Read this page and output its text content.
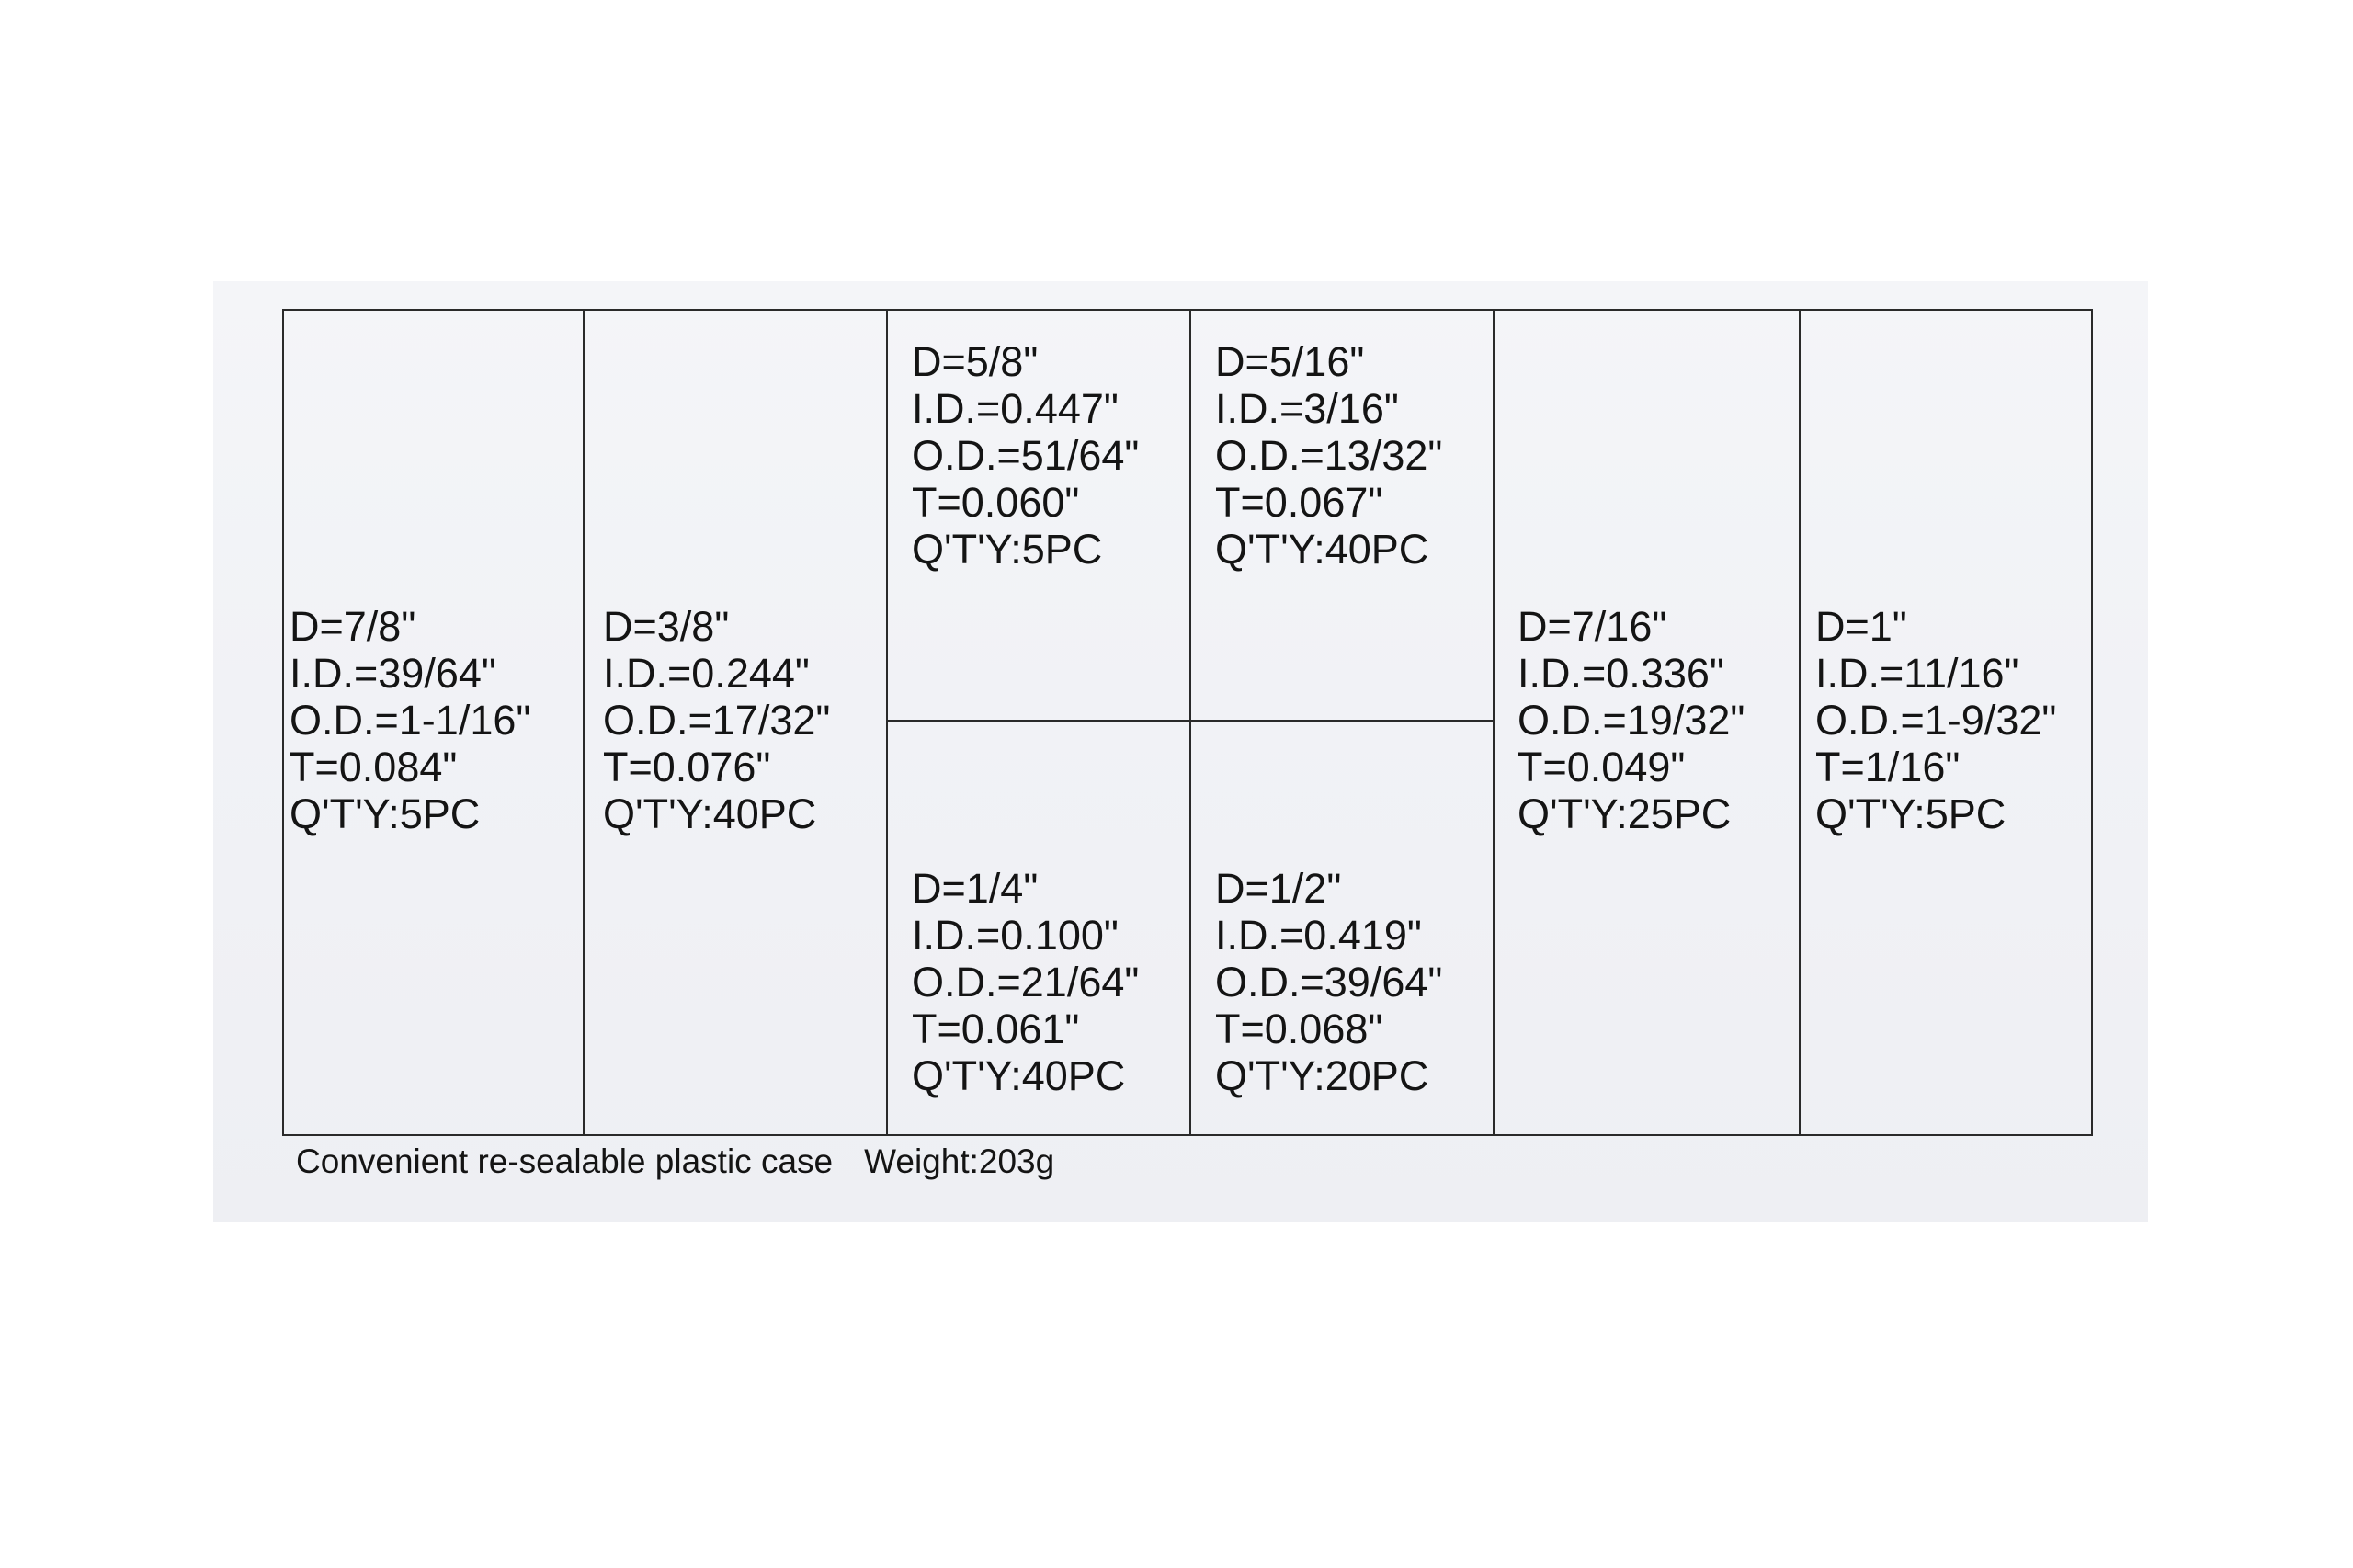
D=7/8"
I.D.=39/64"
O.D.=1-1/16"
T=0.084"
Q'T'Y:5PC
D=3/8"
I.D.=0.244"
O.D.=17/32"
T=0.076"
Q'T'Y:40PC
D=5/8"
I.D.=0.447"
O.D.=51/64"
T=0.060"
Q'T'Y:5PC
D=5/16"
I.D.=3/16"
O.D.=13/32"
T=0.067"
Q'T'Y:40PC
D=1/4"
I.D.=0.100"
O.D.=21/64"
T=0.061"
Q'T'Y:40PC
D=1/2"
I.D.=0.419"
O.D.=39/64"
T=0.068"
Q'T'Y:20PC
D=7/16"
I.D.=0.336"
O.D.=19/32"
T=0.049"
Q'T'Y:25PC
D=1"
I.D.=11/16"
O.D.=1-9/32"
T=1/16"
Q'T'Y:5PC
Convenient re-sealable plastic case Weight:203g
